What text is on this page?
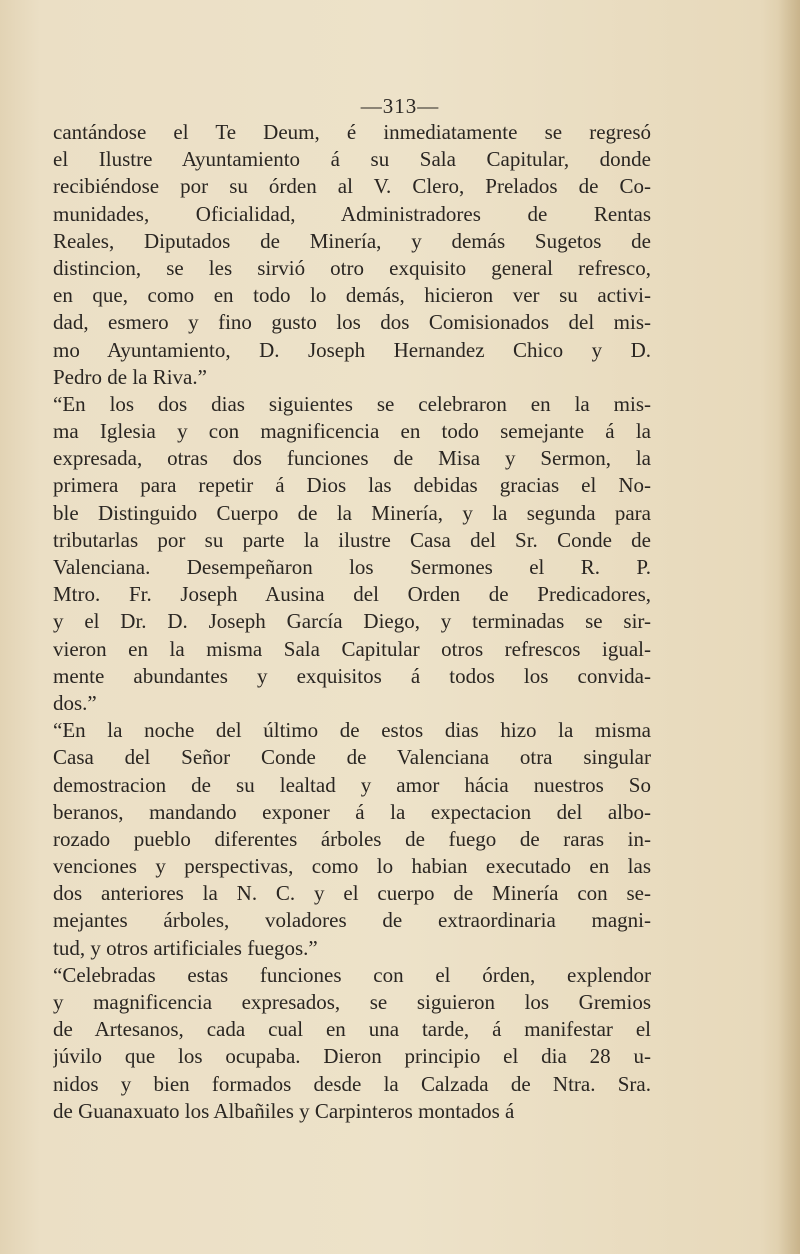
—313—
cantándose el Te Deum, é inmediatamente se regresó
el Ilustre Ayuntamiento á su Sala Capitular, donde
recibiéndose por su órden al V. Clero, Prelados de Co-
munidades, Oficialidad, Administradores de Rentas
Reales, Diputados de Minería, y demás Sugetos de
distincion, se les sirvió otro exquisito general refresco,
en que, como en todo lo demás, hicieron ver su activi-
dad, esmero y fino gusto los dos Comisionados del mis-
mo Ayuntamiento, D. Joseph Hernandez Chico y D.
Pedro de la Riva.”
“En los dos dias siguientes se celebraron en la mis-
ma Iglesia y con magnificencia en todo semejante á la
expresada, otras dos funciones de Misa y Sermon, la
primera para repetir á Dios las debidas gracias el No-
ble Distinguido Cuerpo de la Minería, y la segunda para
tributarlas por su parte la ilustre Casa del Sr. Conde de
Valenciana. Desempeñaron los Sermones el R. P.
Mtro. Fr. Joseph Ausina del Orden de Predicadores,
y el Dr. D. Joseph García Diego, y terminadas se sir-
vieron en la misma Sala Capitular otros refrescos igual-
mente abundantes y exquisitos á todos los convida-
dos.”
“En la noche del último de estos dias hizo la misma
Casa del Señor Conde de Valenciana otra singular
demostracion de su lealtad y amor hácia nuestros So
beranos, mandando exponer á la expectacion del albo-
rozado pueblo diferentes árboles de fuego de raras in-
venciones y perspectivas, como lo habian executado en las
dos anteriores la N. C. y el cuerpo de Minería con se-
mejantes árboles, voladores de extraordinaria magni-
tud, y otros artificiales fuegos.”
“Celebradas estas funciones con el órden, explendor
y magnificencia expresados, se siguieron los Gremios
de Artesanos, cada cual en una tarde, á manifestar el
júvilo que los ocupaba. Dieron principio el dia 28 u-
nidos y bien formados desde la Calzada de Ntra. Sra.
de Guanaxuato los Albañiles y Carpinteros montados á
